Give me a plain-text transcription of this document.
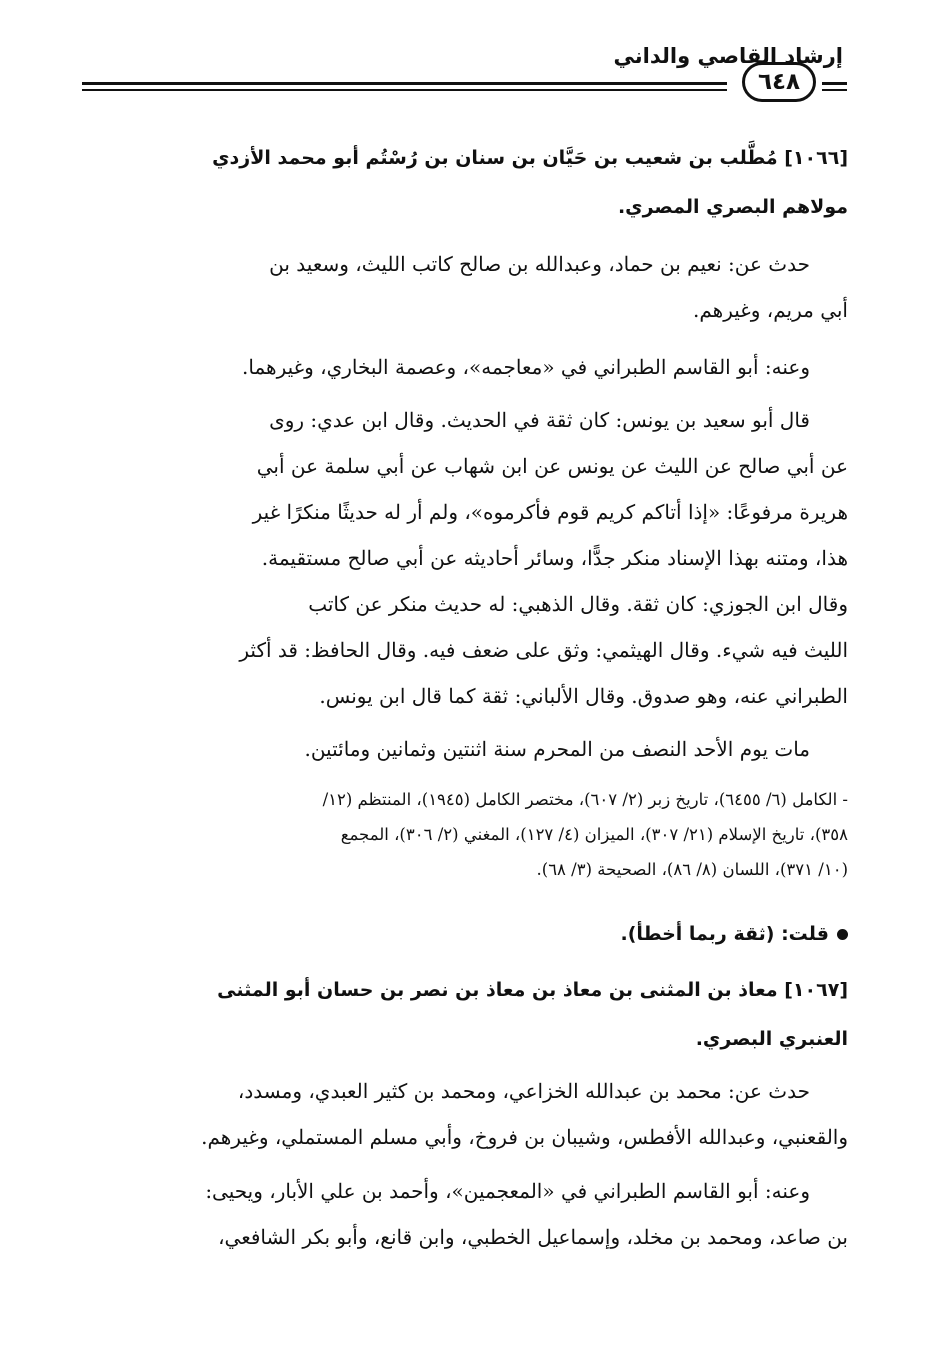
إرشاد القاصي والداني
٦٤٨
[١٠٦٦] مُطَّلب بن شعيب بن حَيَّان بن سنان بن رُسْتُم أبو محمد الأزدي
مولاهم البصري المصري.
حدث عن: نعيم بن حماد، وعبدالله بن صالح كاتب الليث، وسعيد بن
أبي مريم، وغيرهم.
وعنه: أبو القاسم الطبراني في «معاجمه»، وعصمة البخاري، وغيرهما.
قال أبو سعيد بن يونس: كان ثقة في الحديث. وقال ابن عدي: روى
عن أبي صالح عن الليث عن يونس عن ابن شهاب عن أبي سلمة عن أبي
هريرة مرفوعًا: «إذا أتاكم كريم قوم فأكرموه»، ولم أر له حديثًا منكرًا غير
هذا، ومتنه بهذا الإسناد منكر جدًّا، وسائر أحاديثه عن أبي صالح مستقيمة.
وقال ابن الجوزي: كان ثقة. وقال الذهبي: له حديث منكر عن كاتب
الليث فيه شيء. وقال الهيثمي: وثق على ضعف فيه. وقال الحافظ: قد أكثر
الطبراني عنه، وهو صدوق. وقال الألباني: ثقة كما قال ابن يونس.
مات يوم الأحد النصف من المحرم سنة اثنتين وثمانين ومائتين.
- الكامل (٦/ ٦٤٥٥)، تاريخ زبر (٢/ ٦٠٧)، مختصر الكامل (١٩٤٥)، المنتظم (١٢/
٣٥٨)، تاريخ الإسلام (٢١/ ٣٠٧)، الميزان (٤/ ١٢٧)، المغني (٢/ ٣٠٦)، المجمع
(١٠/ ٣٧١)، اللسان (٨/ ٨٦)، الصحيحة (٣/ ٦٨).
قلت: (ثقة ربما أخطأ).
[١٠٦٧] معاذ بن المثنى بن معاذ بن معاذ بن نصر بن حسان أبو المثنى
العنبري البصري.
حدث عن: محمد بن عبدالله الخزاعي، ومحمد بن كثير العبدي، ومسدد،
والقعنبي، وعبدالله الأفطس، وشيبان بن فروخ، وأبي مسلم المستملي، وغيرهم.
وعنه: أبو القاسم الطبراني في «المعجمين»، وأحمد بن علي الأبار، ويحيى:
بن صاعد، ومحمد بن مخلد، وإسماعيل الخطبي، وابن قانع، وأبو بكر الشافعي،
